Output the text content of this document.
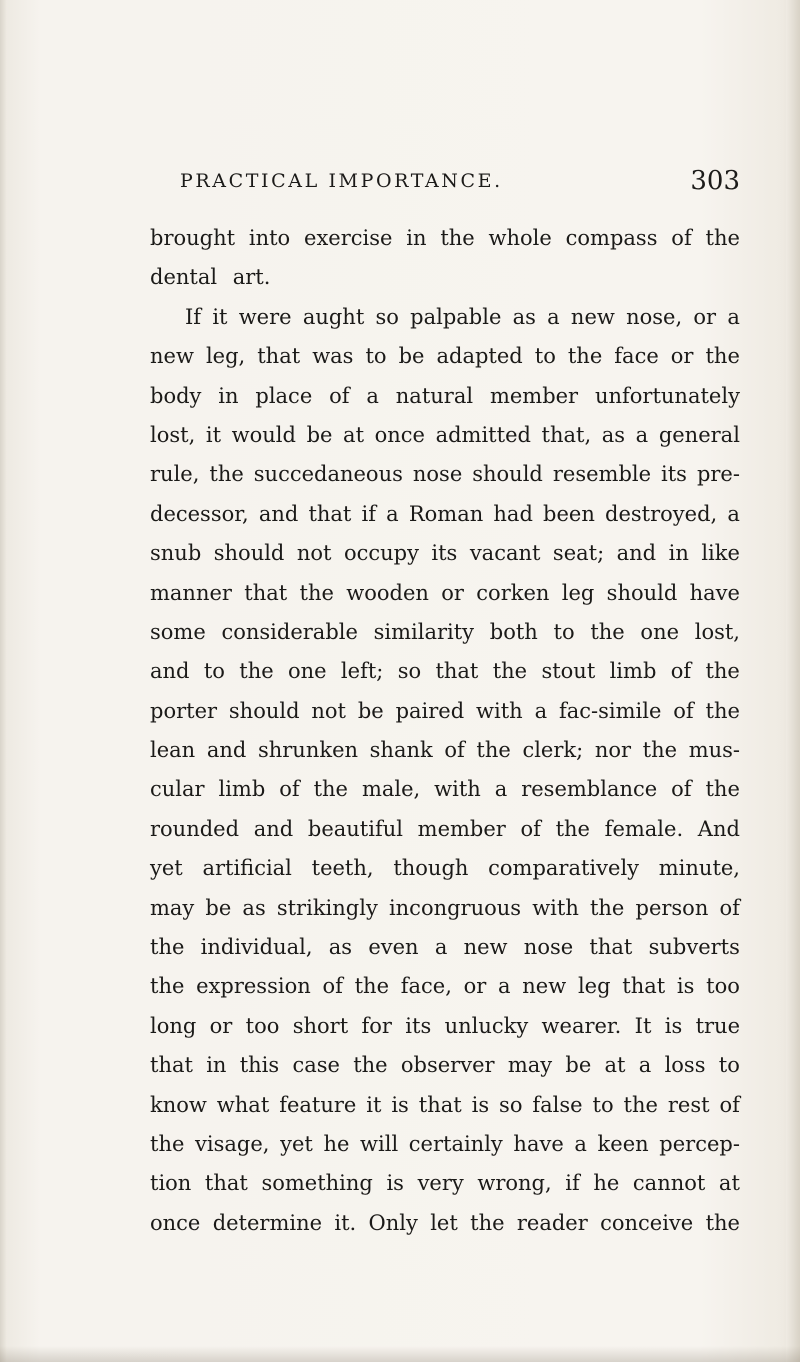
PRACTICAL IMPORTANCE.	303
brought into exercise in the whole compass of the
dental art.
If it were aught so palpable as a new nose, or a
new leg, that was to be adapted to the face or the
body in place of a natural member unfortunately
lost, it would be at once admitted that, as a general
rule, the succedaneous nose should resemble its pre-
decessor, and that if a Roman had been destroyed, a
snub should not occupy its vacant seat; and in like
manner that the wooden or corken leg should have
some considerable similarity both to the one lost,
and to the one left; so that the stout limb of the
porter should not be paired with a fac-simile of the
lean and shrunken shank of the clerk; nor the mus-
cular limb of the male, with a resemblance of the
rounded and beautiful member of the female. And
yet artificial teeth, though comparatively minute,
may be as strikingly incongruous with the person of
the individual, as even a new nose that subverts
the expression of the face, or a new leg that is too
long or too short for its unlucky wearer. It is true
that in this case the observer may be at a loss to
know what feature it is that is so false to the rest of
the visage, yet he will certainly have a keen percep-
tion that something is very wrong, if he cannot at
once determine it. Only let the reader conceive the
